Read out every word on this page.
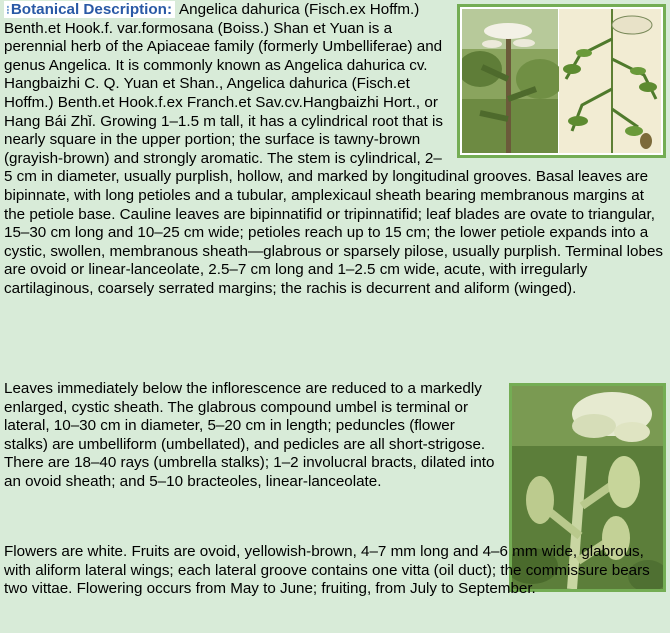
⁝ Botanical Description: Angelica dahurica (Fisch.ex Hoffm.) Benth.et Hook.f. var.formosana (Boiss.) Shan et Yuan is a perennial herb of the Apiaceae family (formerly Umbelliferae) and genus Angelica. It is commonly known as Angelica dahurica cv. Hangbaizhi C. Q. Yuan et Shan., Angelica dahurica (Fisch.et Hoffm.) Benth.et Hook.f.ex Franch.et Sav.cv.Hangbaizhi Hort., or Hang Bái Zhǐ. Growing 1–1.5 m tall, it has a cylindrical root that is nearly square in the upper portion; the surface is tawny-brown (grayish-brown) and strongly aromatic. The stem is cylindrical, 2–5 cm in diameter, usually purplish, hollow, and marked by longitudinal grooves. Basal leaves are bipinnate, with long petioles and a tubular, amplexicaul sheath bearing membranous margins at the petiole base. Cauline leaves are bipinnatifid or tripinnatifid; leaf blades are ovate to triangular, 15–30 cm long and 10–25 cm wide; petioles reach up to 15 cm; the lower petiole expands into a cystic, swollen, membranous sheath—glabrous or sparsely pilose, usually purplish. Terminal lobes are ovoid or linear-lanceolate, 2.5–7 cm long and 1–2.5 cm wide, acute, with irregularly cartilaginous, coarsely serrated margins; the rachis is decurrent and aliform (winged).

Leaves immediately below the inflorescence are reduced to a markedly enlarged, cystic sheath. The glabrous compound umbel is terminal or lateral, 10–30 cm in diameter, 5–20 cm in length; peduncles (flower stalks) are umbelliform (umbellated), and pedicles are all short-strigose. There are 18–40 rays (umbrella stalks); 1–2 involucral bracts, dilated into an ovoid sheath; and 5–10 bracteoles, linear-lanceolate.

Flowers are white. Fruits are ovoid, yellowish-brown, 4–7 mm long and 4–6 mm wide, glabrous, with aliform lateral wings; each lateral groove contains one vitta (oil duct); the commissure bears two vittae. Flowering occurs from May to June; fruiting, from July to September.
